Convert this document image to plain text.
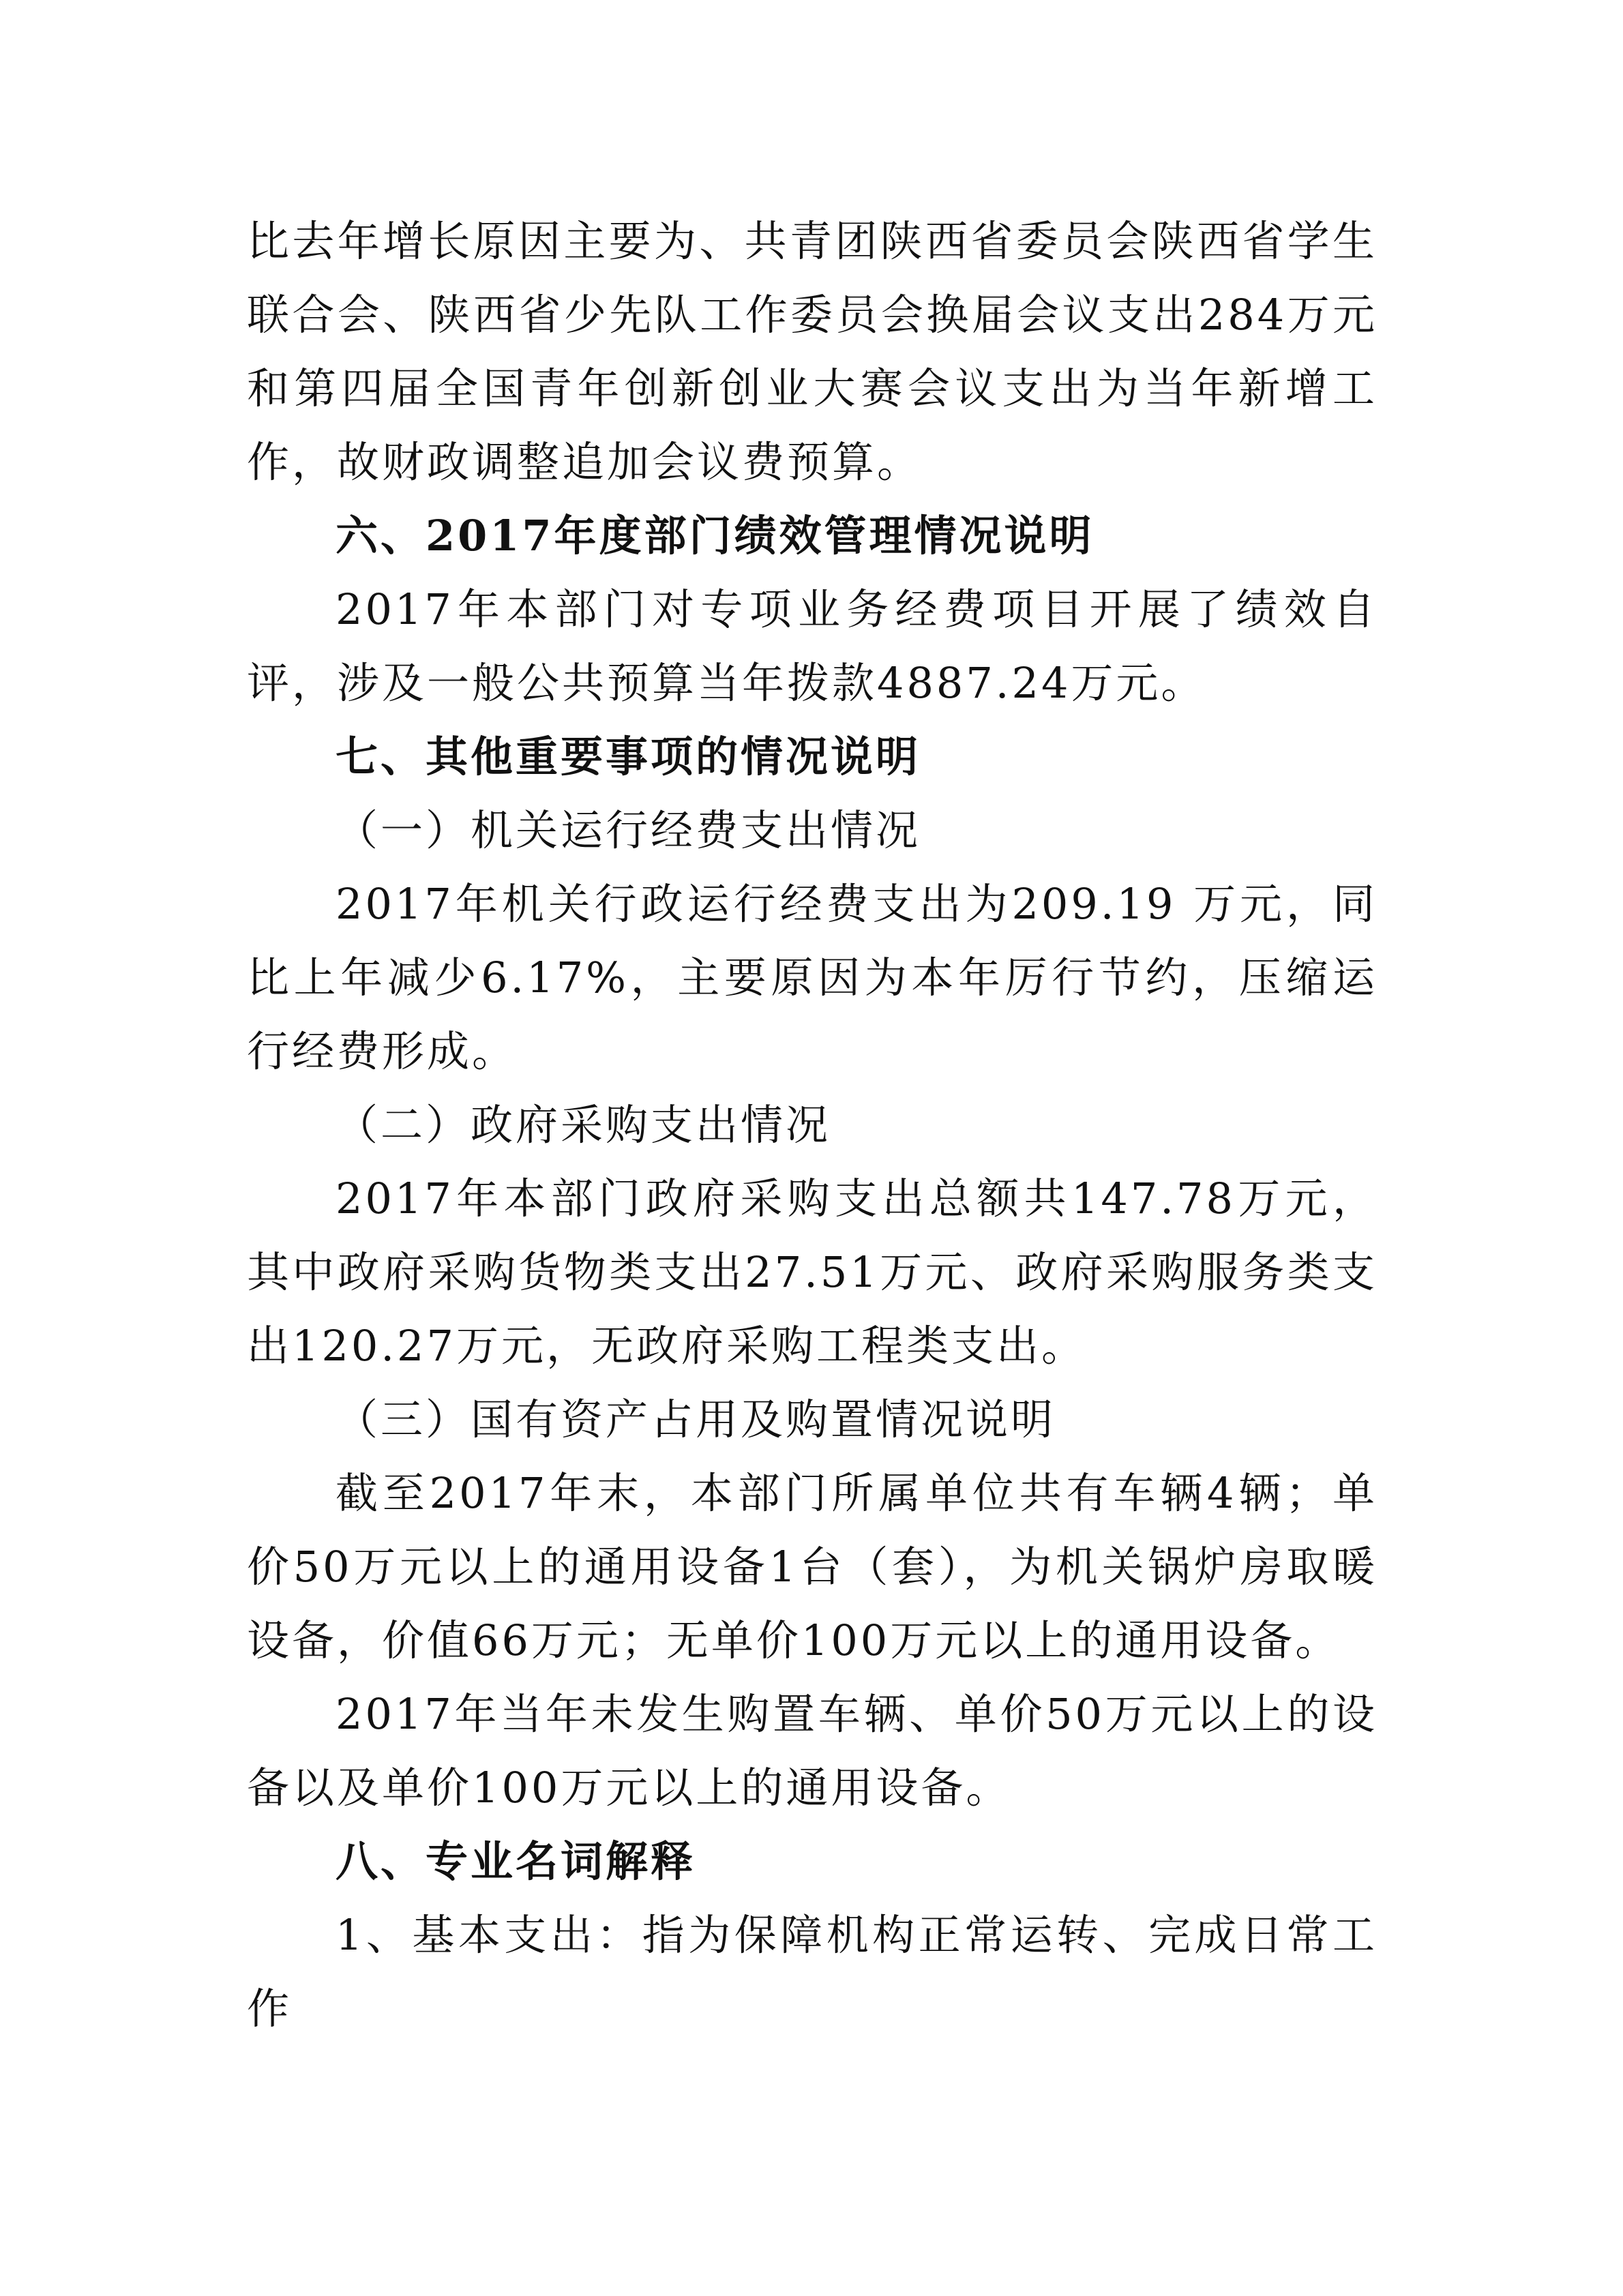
比去年增长原因主要为、共青团陕西省委员会陕西省学生联合会、陕西省少先队工作委员会换届会议支出284万元和第四届全国青年创新创业大赛会议支出为当年新增工作，故财政调整追加会议费预算。

六、2017年度部门绩效管理情况说明

2017年本部门对专项业务经费项目开展了绩效自评，涉及一般公共预算当年拨款4887.24万元。

七、其他重要事项的情况说明

（一）机关运行经费支出情况

2017年机关行政运行经费支出为209.19 万元，同比上年减少6.17%，主要原因为本年厉行节约，压缩运行经费形成。

（二）政府采购支出情况

2017年本部门政府采购支出总额共147.78万元，其中政府采购货物类支出27.51万元、政府采购服务类支出120.27万元，无政府采购工程类支出。

（三）国有资产占用及购置情况说明

截至2017年末，本部门所属单位共有车辆4辆；单价50万元以上的通用设备1台（套），为机关锅炉房取暖设备，价值66万元；无单价100万元以上的通用设备。

2017年当年未发生购置车辆、单价50万元以上的设备以及单价100万元以上的通用设备。

八、专业名词解释

1、基本支出：指为保障机构正常运转、完成日常工作
